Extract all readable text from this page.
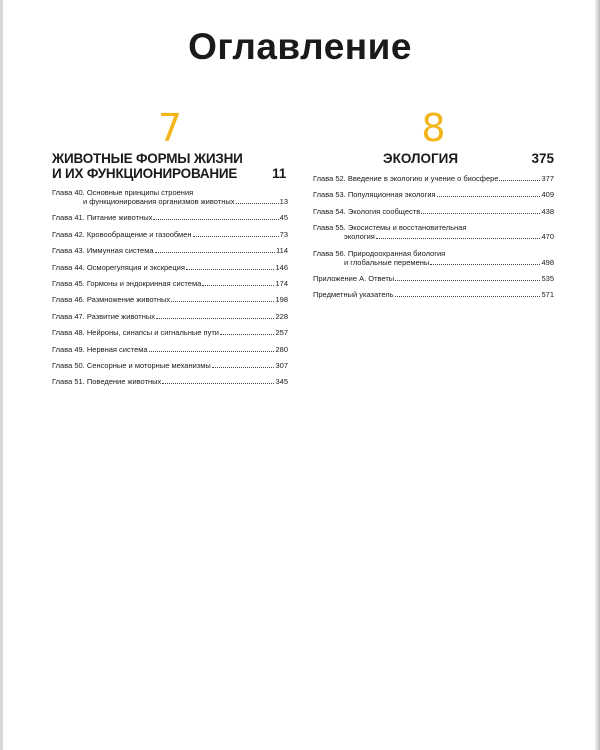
Оглавление
7
ЖИВОТНЫЕ ФОРМЫ ЖИЗНИ
И ИХ ФУНКЦИОНИРОВАНИЕ	11
Глава 40. Основные принципы строения
и функционирования организмов животных	13
Глава 41. Питание животных	45
Глава 42. Кровообращение и газообмен	73
Глава 43. Иммунная система	114
Глава 44. Осморегуляция и экскреция	146
Глава 45. Гормоны и эндокринная система	174
Глава 46. Размножение животных	198
Глава 47. Развитие животных	228
Глава 48. Нейроны, синапсы и сигнальные пути	257
Глава 49. Нервная система	280
Глава 50. Сенсорные и моторные механизмы	307
Глава 51. Поведение животных	345
8
ЭКОЛОГИЯ	375
Глава 52. Введение в экологию и учение о биосфере	377
Глава 53. Популяционная экология	409
Глава 54. Экология сообществ	438
Глава 55. Экосистемы и восстановительная
экология	470
Глава 56. Природоохранная биология
и глобальные перемены	498
Приложение А. Ответы	535
Предметный указатель	571
